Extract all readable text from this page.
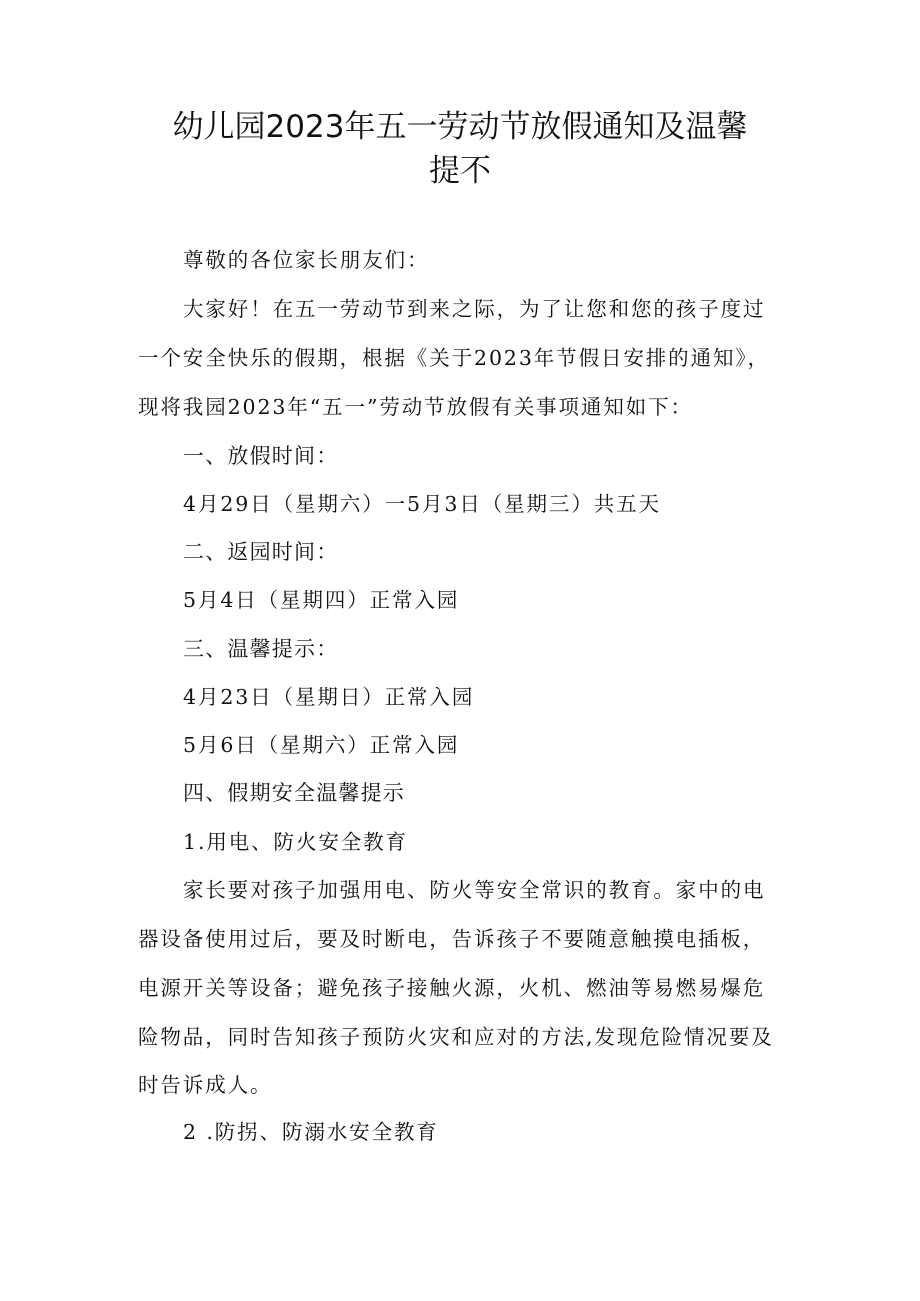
幼儿园2023年五一劳动节放假通知及温馨
提不

尊敬的各位家长朋友们：

大家好！在五一劳动节到来之际，为了让您和您的孩子度过

一个安全快乐的假期，根据《关于2023年节假日安排的通知》，

现将我园2023年“五一”劳动节放假有关事项通知如下：

一、放假时间：

4月29日（星期六）一5月3日（星期三）共五天

二、返园时间：

5月4日（星期四）正常入园

三、温馨提示：

4月23日（星期日）正常入园

5月6日（星期六）正常入园

四、假期安全温馨提示

1.用电、防火安全教育

家长要对孩子加强用电、防火等安全常识的教育。家中的电

器设备使用过后，要及时断电，告诉孩子不要随意触摸电插板，

电源开关等设备；避免孩子接触火源，火机、燃油等易燃易爆危

险物品，同时告知孩子预防火灾和应对的方法,发现危险情况要及

时告诉成人。

2 .防拐、防溺水安全教育
